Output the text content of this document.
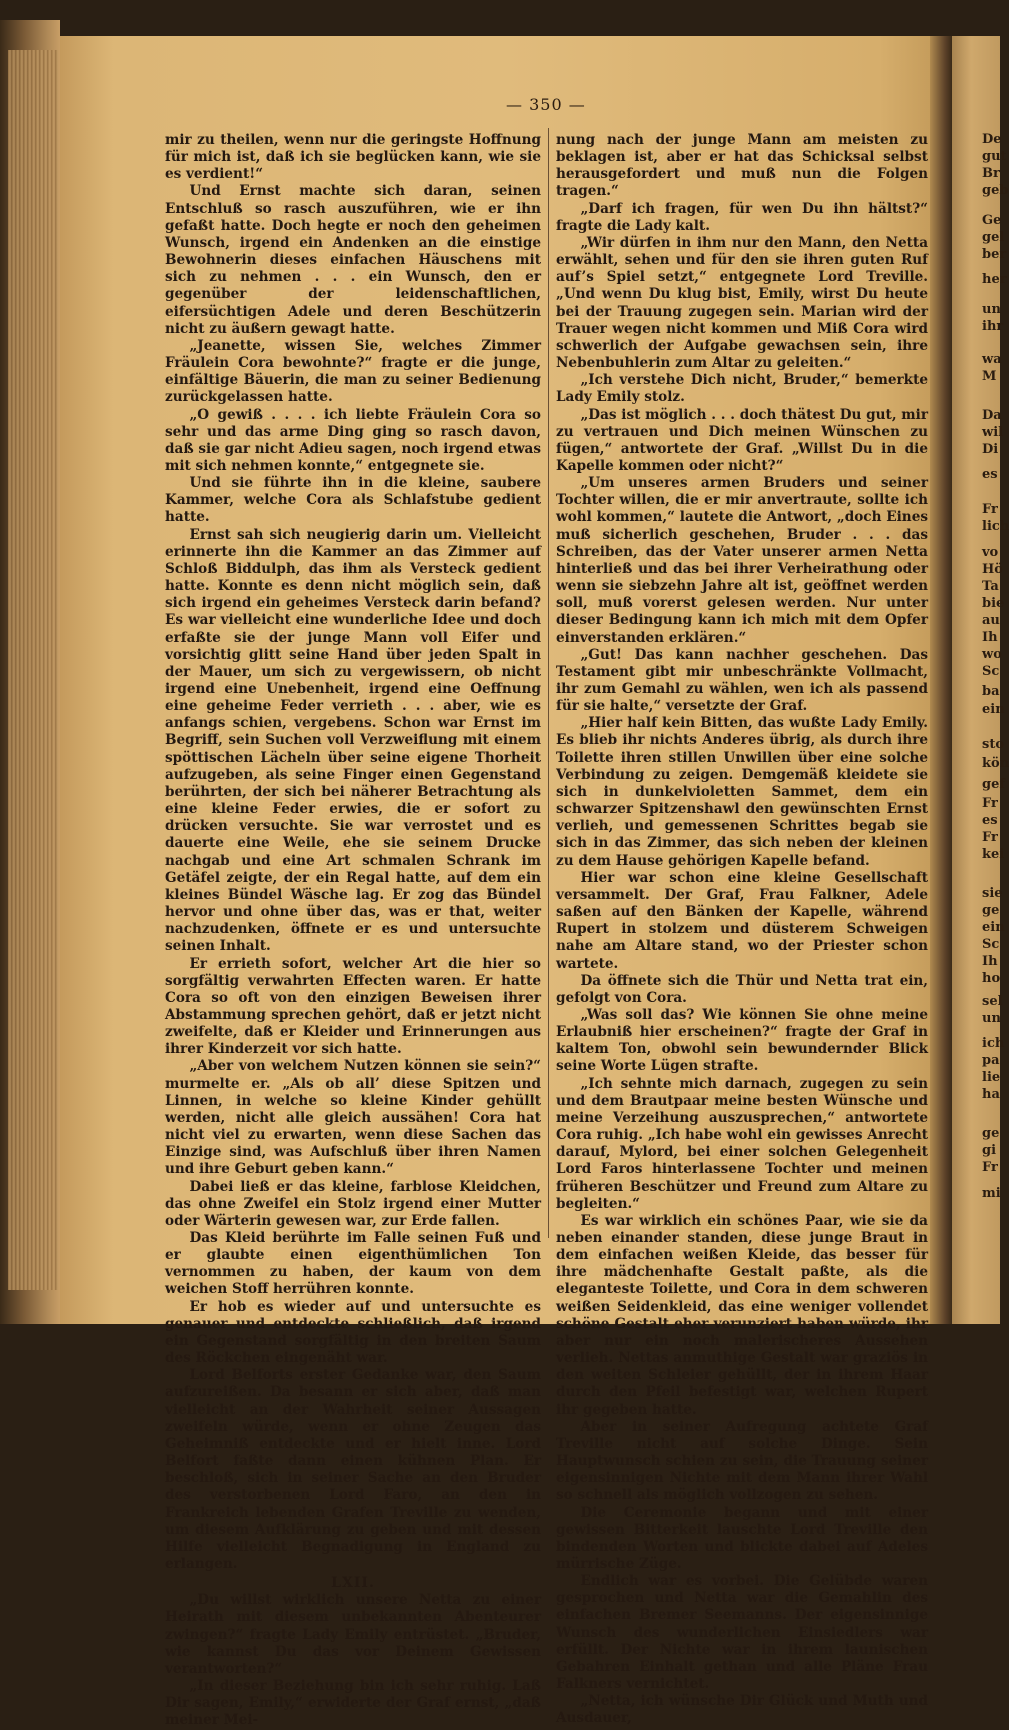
De
gut
Br
geb
Ge
gel
ber
her
un
ihr
wa
M
Da
wil
Di
es
Fr
lich
vo
Hö
Ta
bie
au
Ih
wo
Sc
ba
ein
sto
kön
gef
Fr
es
Fr
kei
sie
ge
ein
Sc
Ih
ho
sel
un
ich
pa
lie
ha
ge
gi
Fr
mi
— 350 —

mir zu theilen, wenn nur die geringste Hoffnung für mich ist, daß ich sie beglücken kann, wie sie es verdient!“

Und Ernst machte sich daran, seinen Entschluß so rasch auszuführen, wie er ihn gefaßt hatte. Doch hegte er noch den geheimen Wunsch, irgend ein Andenken an die einstige Bewohnerin dieses einfachen Häuschens mit sich zu nehmen . . . ein Wunsch, den er gegenüber der leidenschaftlichen, eifersüchtigen Adele und deren Beschützerin nicht zu äußern gewagt hatte.

„Jeanette, wissen Sie, welches Zimmer Fräulein Cora bewohnte?“ fragte er die junge, einfältige Bäuerin, die man zu seiner Bedienung zurückgelassen hatte.

„O gewiß . . . . ich liebte Fräulein Cora so sehr und das arme Ding ging so rasch davon, daß sie gar nicht Adieu sagen, noch irgend etwas mit sich nehmen konnte,“ entgegnete sie.

Und sie führte ihn in die kleine, saubere Kammer, welche Cora als Schlafstube gedient hatte.

Ernst sah sich neugierig darin um. Vielleicht erinnerte ihn die Kammer an das Zimmer auf Schloß Biddulph, das ihm als Versteck gedient hatte. Konnte es denn nicht möglich sein, daß sich irgend ein geheimes Versteck darin befand? Es war vielleicht eine wunderliche Idee und doch erfaßte sie der junge Mann voll Eifer und vorsichtig glitt seine Hand über jeden Spalt in der Mauer, um sich zu vergewissern, ob nicht irgend eine Unebenheit, irgend eine Oeffnung eine geheime Feder verrieth . . . aber, wie es anfangs schien, vergebens. Schon war Ernst im Begriff, sein Suchen voll Verzweiflung mit einem spöttischen Lächeln über seine eigene Thorheit aufzugeben, als seine Finger einen Gegenstand berührten, der sich bei näherer Betrachtung als eine kleine Feder erwies, die er sofort zu drücken versuchte. Sie war verrostet und es dauerte eine Weile, ehe sie seinem Drucke nachgab und eine Art schmalen Schrank im Getäfel zeigte, der ein Regal hatte, auf dem ein kleines Bündel Wäsche lag. Er zog das Bündel hervor und ohne über das, was er that, weiter nachzudenken, öffnete er es und untersuchte seinen Inhalt.

Er errieth sofort, welcher Art die hier so sorgfältig verwahrten Effecten waren. Er hatte Cora so oft von den einzigen Beweisen ihrer Abstammung sprechen gehört, daß er jetzt nicht zweifelte, daß er Kleider und Erinnerungen aus ihrer Kinderzeit vor sich hatte.

„Aber von welchem Nutzen können sie sein?“ murmelte er. „Als ob all’ diese Spitzen und Linnen, in welche so kleine Kinder gehüllt werden, nicht alle gleich aussähen! Cora hat nicht viel zu erwarten, wenn diese Sachen das Einzige sind, was Aufschluß über ihren Namen und ihre Geburt geben kann.“

Dabei ließ er das kleine, farblose Kleidchen, das ohne Zweifel ein Stolz irgend einer Mutter oder Wärterin gewesen war, zur Erde fallen.

Das Kleid berührte im Falle seinen Fuß und er glaubte einen eigenthümlichen Ton vernommen zu haben, der kaum von dem weichen Stoff herrühren konnte.

Er hob es wieder auf und untersuchte es genauer und entdeckte schließlich, daß irgend ein Gegenstand sorgfältig in den breiten Saum des Röckchen eingenäht war.

Lord Belforts erster Gedanke war, den Saum aufzureißen. Da besann er sich aber, daß man vielleicht an der Wahrheit seiner Aussagen zweifeln würde, wenn er ohne Zeugen das Geheimniß entdeckte und er hielt inne. Lord Belfort faßte dann einen kühnen Plan. Er beschloß, sich in seiner Sache an den Bruder des verstorbenen Lord Faro, an den in Frankreich lebenden Grafen Treville zu wenden, um diesem Aufklärung zu geben und mit dessen Hilfe vielleicht Begnadigung in England zu erlangen.

LXII.

„Du willst wirklich unsere Netta zu einer Heirath mit diesem unbekannten Abenteurer zwingen?“ fragte Lady Emily entrüstet. „Bruder, wie kannst Du das vor Deinem Gewissen verantworten?“

„In dieser Beziehung bin ich sehr ruhig. Laß Dir sagen, Emily,“ erwiderte der Graf ernst, „daß meiner Mei-

nung nach der junge Mann am meisten zu beklagen ist, aber er hat das Schicksal selbst herausgefordert und muß nun die Folgen tragen.“

„Darf ich fragen, für wen Du ihn hältst?“ fragte die Lady kalt.

„Wir dürfen in ihm nur den Mann, den Netta erwählt, sehen und für den sie ihren guten Ruf auf’s Spiel setzt,“ entgegnete Lord Treville. „Und wenn Du klug bist, Emily, wirst Du heute bei der Trauung zugegen sein. Marian wird der Trauer wegen nicht kommen und Miß Cora wird schwerlich der Aufgabe gewachsen sein, ihre Nebenbuhlerin zum Altar zu geleiten.“

„Ich verstehe Dich nicht, Bruder,“ bemerkte Lady Emily stolz.

„Das ist möglich . . . doch thätest Du gut, mir zu vertrauen und Dich meinen Wünschen zu fügen,“ antwortete der Graf. „Willst Du in die Kapelle kommen oder nicht?“

„Um unseres armen Bruders und seiner Tochter willen, die er mir anvertraute, sollte ich wohl kommen,“ lautete die Antwort, „doch Eines muß sicherlich geschehen, Bruder . . . das Schreiben, das der Vater unserer armen Netta hinterließ und das bei ihrer Verheirathung oder wenn sie siebzehn Jahre alt ist, geöffnet werden soll, muß vorerst gelesen werden. Nur unter dieser Bedingung kann ich mich mit dem Opfer einverstanden erklären.“

„Gut! Das kann nachher geschehen. Das Testament gibt mir unbeschränkte Vollmacht, ihr zum Gemahl zu wählen, wen ich als passend für sie halte,“ versetzte der Graf.

„Hier half kein Bitten, das wußte Lady Emily. Es blieb ihr nichts Anderes übrig, als durch ihre Toilette ihren stillen Unwillen über eine solche Verbindung zu zeigen. Demgemäß kleidete sie sich in dunkelvioletten Sammet, dem ein schwarzer Spitzenshawl den gewünschten Ernst verlieh, und gemessenen Schrittes begab sie sich in das Zimmer, das sich neben der kleinen zu dem Hause gehörigen Kapelle befand.

Hier war schon eine kleine Gesellschaft versammelt. Der Graf, Frau Falkner, Adele saßen auf den Bänken der Kapelle, während Rupert in stolzem und düsterem Schweigen nahe am Altare stand, wo der Priester schon wartete.

Da öffnete sich die Thür und Netta trat ein, gefolgt von Cora.

„Was soll das? Wie können Sie ohne meine Erlaubniß hier erscheinen?“ fragte der Graf in kaltem Ton, obwohl sein bewundernder Blick seine Worte Lügen strafte.

„Ich sehnte mich darnach, zugegen zu sein und dem Brautpaar meine besten Wünsche und meine Verzeihung auszusprechen,“ antwortete Cora ruhig. „Ich habe wohl ein gewisses Anrecht darauf, Mylord, bei einer solchen Gelegenheit Lord Faros hinterlassene Tochter und meinen früheren Beschützer und Freund zum Altare zu begleiten.“

Es war wirklich ein schönes Paar, wie sie da neben einander standen, diese junge Braut in dem einfachen weißen Kleide, das besser für ihre mädchenhafte Gestalt paßte, als die eleganteste Toilette, und Cora in dem schweren weißen Seidenkleid, das eine weniger vollendet schöne Gestalt eher verunziert haben würde, ihr aber nur ein noch malerischeres Aussehen verlieh. Nettas anmuthige Gestalt war graziös in den weiten Schleier gehüllt, der in ihrem Haar durch den Pfeil befestigt war, welchen Rupert ihr gegeben hatte.

Aber in seiner Aufregung achtete Graf Treville nicht auf solche Dinge. Sein Hauptwunsch schien zu sein, die Trauung seiner eigensinnigen Nichte mit dem Mann ihrer Wahl so schnell als möglich vollzogen zu sehen.

Die Ceremonie begann und mit einer gewissen Bitterkeit lauschte Lord Treville den bindenden Worten und blickte dabei auf Adeles mürrische Züge.

Endlich war es vorbei. Die Gelübde waren gesprochen und Netta war die Gemahlin des einfachen Bremer Seemanns. Der eigensinnige Wunsch des wunderlichen Einsiedlers war erfüllt. Der Nichte war in ihrem launischen Gebahren Einhalt gethan und alle Pläne Frau Falkners vernichtet.

„Netta, ich wünsche Dir Glück und Muth und Ausdauer,
